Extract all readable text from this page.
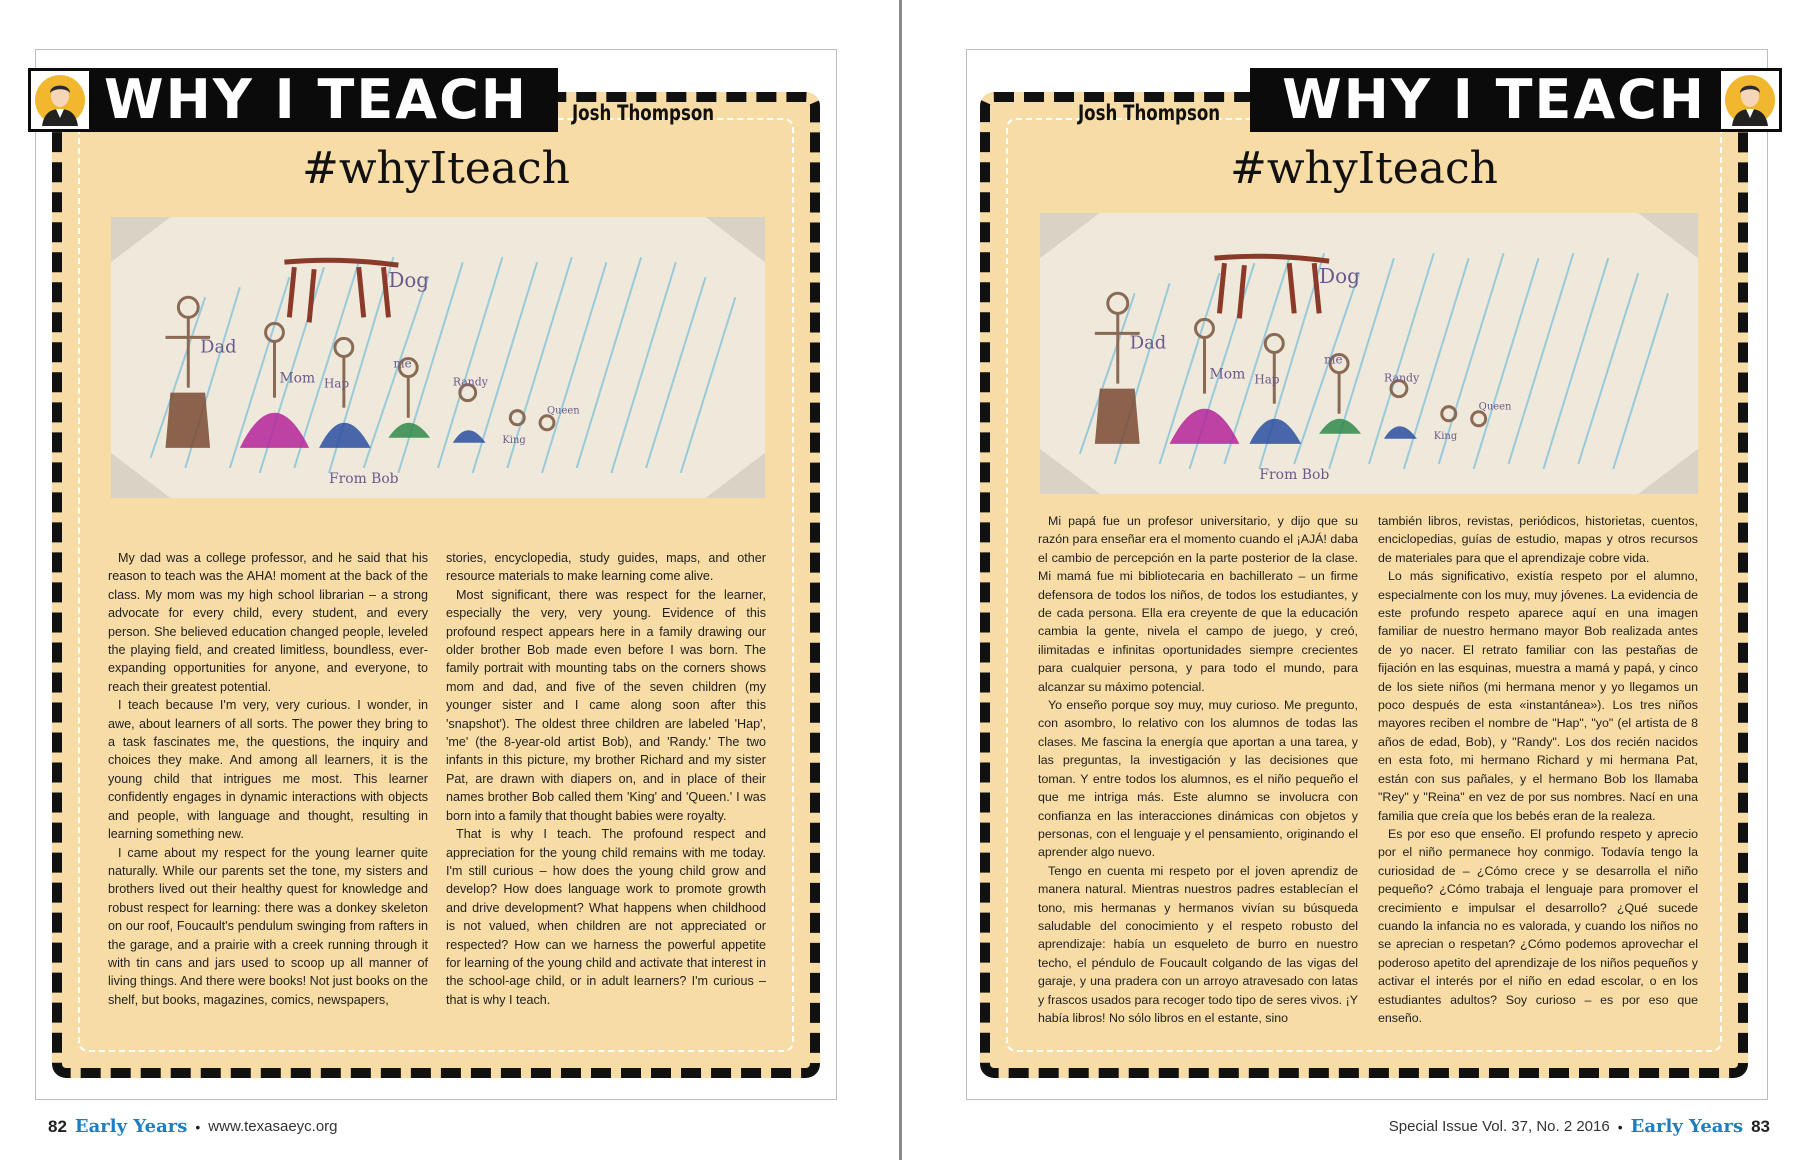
WHY I TEACH	Josh Thompson
#whyIteach
Dog
Dad
Mom Hap
me
Randy
King
Queen
From Bob

My dad was a college professor, and he said that his reason to teach was the AHA! moment at the back of the class. My mom was my high school librarian – a strong advocate for every child, every student, and every person. She believed education changed people, leveled the playing field, and created limitless, boundless, ever-expanding opportunities for anyone, and everyone, to reach their greatest potential.

I teach because I'm very, very curious. I wonder, in awe, about learners of all sorts. The power they bring to a task fascinates me, the questions, the inquiry and choices they make. And among all learners, it is the young child that intrigues me most. This learner confidently engages in dynamic interactions with objects and people, with language and thought, resulting in learning something new.

I came about my respect for the young learner quite naturally. While our parents set the tone, my sisters and brothers lived out their healthy quest for knowledge and robust respect for learning: there was a donkey skeleton on our roof, Foucault's pendulum swinging from rafters in the garage, and a prairie with a creek running through it with tin cans and jars used to scoop up all manner of living things. And there were books! Not just books on the shelf, but books, magazines, comics, newspapers,

stories, encyclopedia, study guides, maps, and other resource materials to make learning come alive.

Most significant, there was respect for the learner, especially the very, very young. Evidence of this profound respect appears here in a family drawing our older brother Bob made even before I was born. The family portrait with mounting tabs on the corners shows mom and dad, and five of the seven children (my younger sister and I came along soon after this 'snapshot'). The oldest three children are labeled 'Hap', 'me' (the 8-year-old artist Bob), and 'Randy.' The two infants in this picture, my brother Richard and my sister Pat, are drawn with diapers on, and in place of their names brother Bob called them 'King' and 'Queen.' I was born into a family that thought babies were royalty.

That is why I teach. The profound respect and appreciation for the young child remains with me today. I'm still curious – how does the young child grow and develop? How does language work to promote growth and drive development? What happens when childhood is not valued, when children are not appreciated or respected? How can we harness the powerful appetite for learning of the young child and activate that interest in the school-age child, or in adult learners? I'm curious – that is why I teach.

82 Early Years • www.texasaeyc.org
WHY I TEACH
Josh Thompson
#whyIteach
Dog
Dad
Mom Hap
me
Randy
King
Queen
From Bob

Mi papá fue un profesor universitario, y dijo que su razón para enseñar era el momento cuando el ¡AJÁ! daba el cambio de percepción en la parte posterior de la clase. Mi mamá fue mi bibliotecaria en bachillerato – un firme defensora de todos los niños, de todos los estudiantes, y de cada persona. Ella era creyente de que la educación cambia la gente, nivela el campo de juego, y creó, ilimitadas e infinitas oportunidades siempre crecientes para cualquier persona, y para todo el mundo, para alcanzar su máximo potencial.

Yo enseño porque soy muy, muy curioso. Me pregunto, con asombro, lo relativo con los alumnos de todas las clases. Me fascina la energía que aportan a una tarea, y las preguntas, la investigación y las decisiones que toman. Y entre todos los alumnos, es el niño pequeño el que me intriga más. Este alumno se involucra con confianza en las interacciones dinámicas con objetos y personas, con el lenguaje y el pensamiento, originando el aprender algo nuevo.

Tengo en cuenta mi respeto por el joven aprendiz de manera natural. Mientras nuestros padres establecían el tono, mis hermanas y hermanos vivían su búsqueda saludable del conocimiento y el respeto robusto del aprendizaje: había un esqueleto de burro en nuestro techo, el péndulo de Foucault colgando de las vigas del garaje, y una pradera con un arroyo atravesado con latas y frascos usados para recoger todo tipo de seres vivos. ¡Y había libros! No sólo libros en el estante, sino

también libros, revistas, periódicos, historietas, cuentos, enciclopedias, guías de estudio, mapas y otros recursos de materiales para que el aprendizaje cobre vida.

Lo más significativo, existía respeto por el alumno, especialmente con los muy, muy jóvenes. La evidencia de este profundo respeto aparece aquí en una imagen familiar de nuestro hermano mayor Bob realizada antes de yo nacer. El retrato familiar con las pestañas de fijación en las esquinas, muestra a mamá y papá, y cinco de los siete niños (mi hermana menor y yo llegamos un poco después de esta «instantánea»). Los tres niños mayores reciben el nombre de "Hap", "yo" (el artista de 8 años de edad, Bob), y "Randy". Los dos recién nacidos en esta foto, mi hermano Richard y mi hermana Pat, están con sus pañales, y el hermano Bob los llamaba "Rey" y "Reina" en vez de por sus nombres. Nací en una familia que creía que los bebés eran de la realeza.

Es por eso que enseño. El profundo respeto y aprecio por el niño permanece hoy conmigo. Todavía tengo la curiosidad de – ¿Cómo crece y se desarrolla el niño pequeño? ¿Cómo trabaja el lenguaje para promover el crecimiento e impulsar el desarrollo? ¿Qué sucede cuando la infancia no es valorada, y cuando los niños no se aprecian o respetan? ¿Cómo podemos aprovechar el poderoso apetito del aprendizaje de los niños pequeños y activar el interés por el niño en edad escolar, o en los estudiantes adultos? Soy curioso – es por eso que enseño.

Special Issue Vol. 37, No. 2 2016 • Early Years 83
